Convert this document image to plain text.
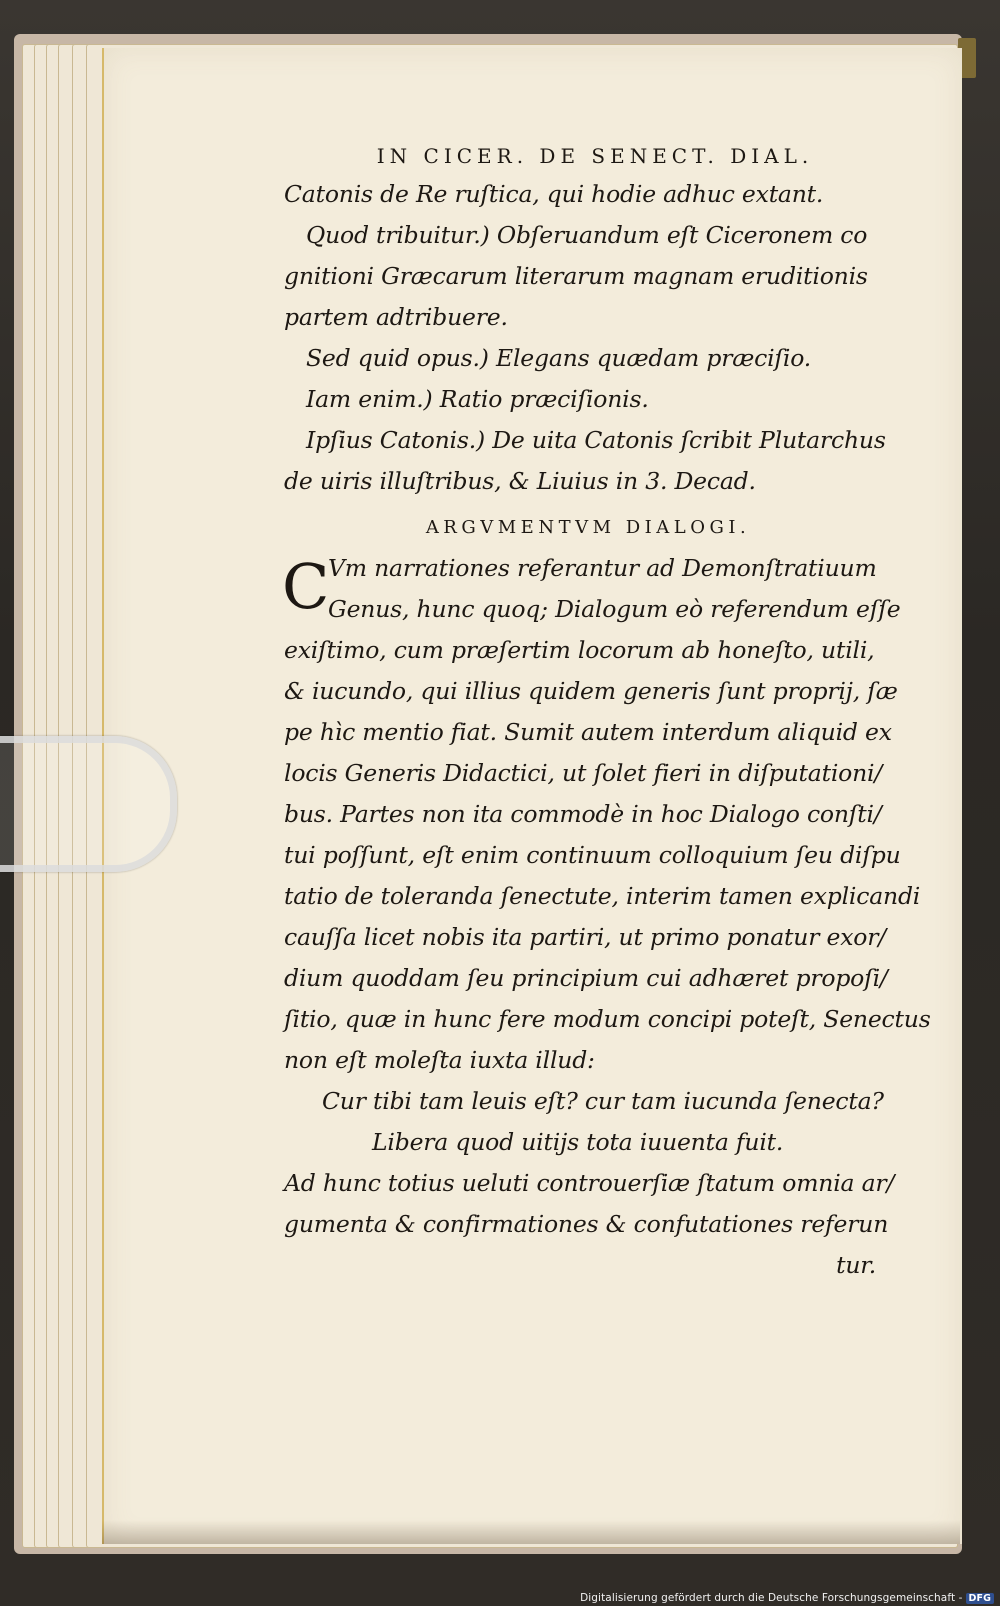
IN CICER. DE SENECT. DIAL.
Catonis de Re ruſtica, qui hodie adhuc extant.
Quod tribuitur.) Obſeruandum eſt Ciceronem co
gnitioni Græcarum literarum magnam eruditionis
partem adtribuere.
Sed quid opus.) Elegans quædam præciſio.
Iam enim.) Ratio præciſionis.
Ipſius Catonis.) De uita Catonis ſcribit Plutarchus
de uiris illuſtribus, & Liuius in 3. Decad.
ARGVMENTVM DIALOGI.
C
Vm narrationes referantur ad Demonſtratiuum
Genus, hunc quoq; Dialogum eò referendum eſſe
exiſtimo, cum præſertim locorum ab honeſto, utili,
& iucundo, qui illius quidem generis ſunt proprij, ſæ
pe hìc mentio fiat. Sumit autem interdum aliquid ex
locis Generis Didactici, ut ſolet fieri in diſputationi/
bus. Partes non ita commodè in hoc Dialogo conſti/
tui poſſunt, eſt enim continuum colloquium ſeu diſpu
tatio de toleranda ſenectute, interim tamen explicandi
cauſſa licet nobis ita partiri, ut primo ponatur exor/
dium quoddam ſeu principium cui adhæret propoſi/
ſitio, quæ in hunc fere modum concipi poteſt, Senectus
non eſt moleſta iuxta illud:
Cur tibi tam leuis eſt? cur tam iucunda ſenecta?
Libera quod uitijs tota iuuenta fuit.
Ad hunc totius ueluti controuerſiæ ſtatum omnia ar/
gumenta & confirmationes & confutationes referun
tur.
Digitalisierung gefördert durch die Deutsche Forschungsgemeinschaft - DFG
